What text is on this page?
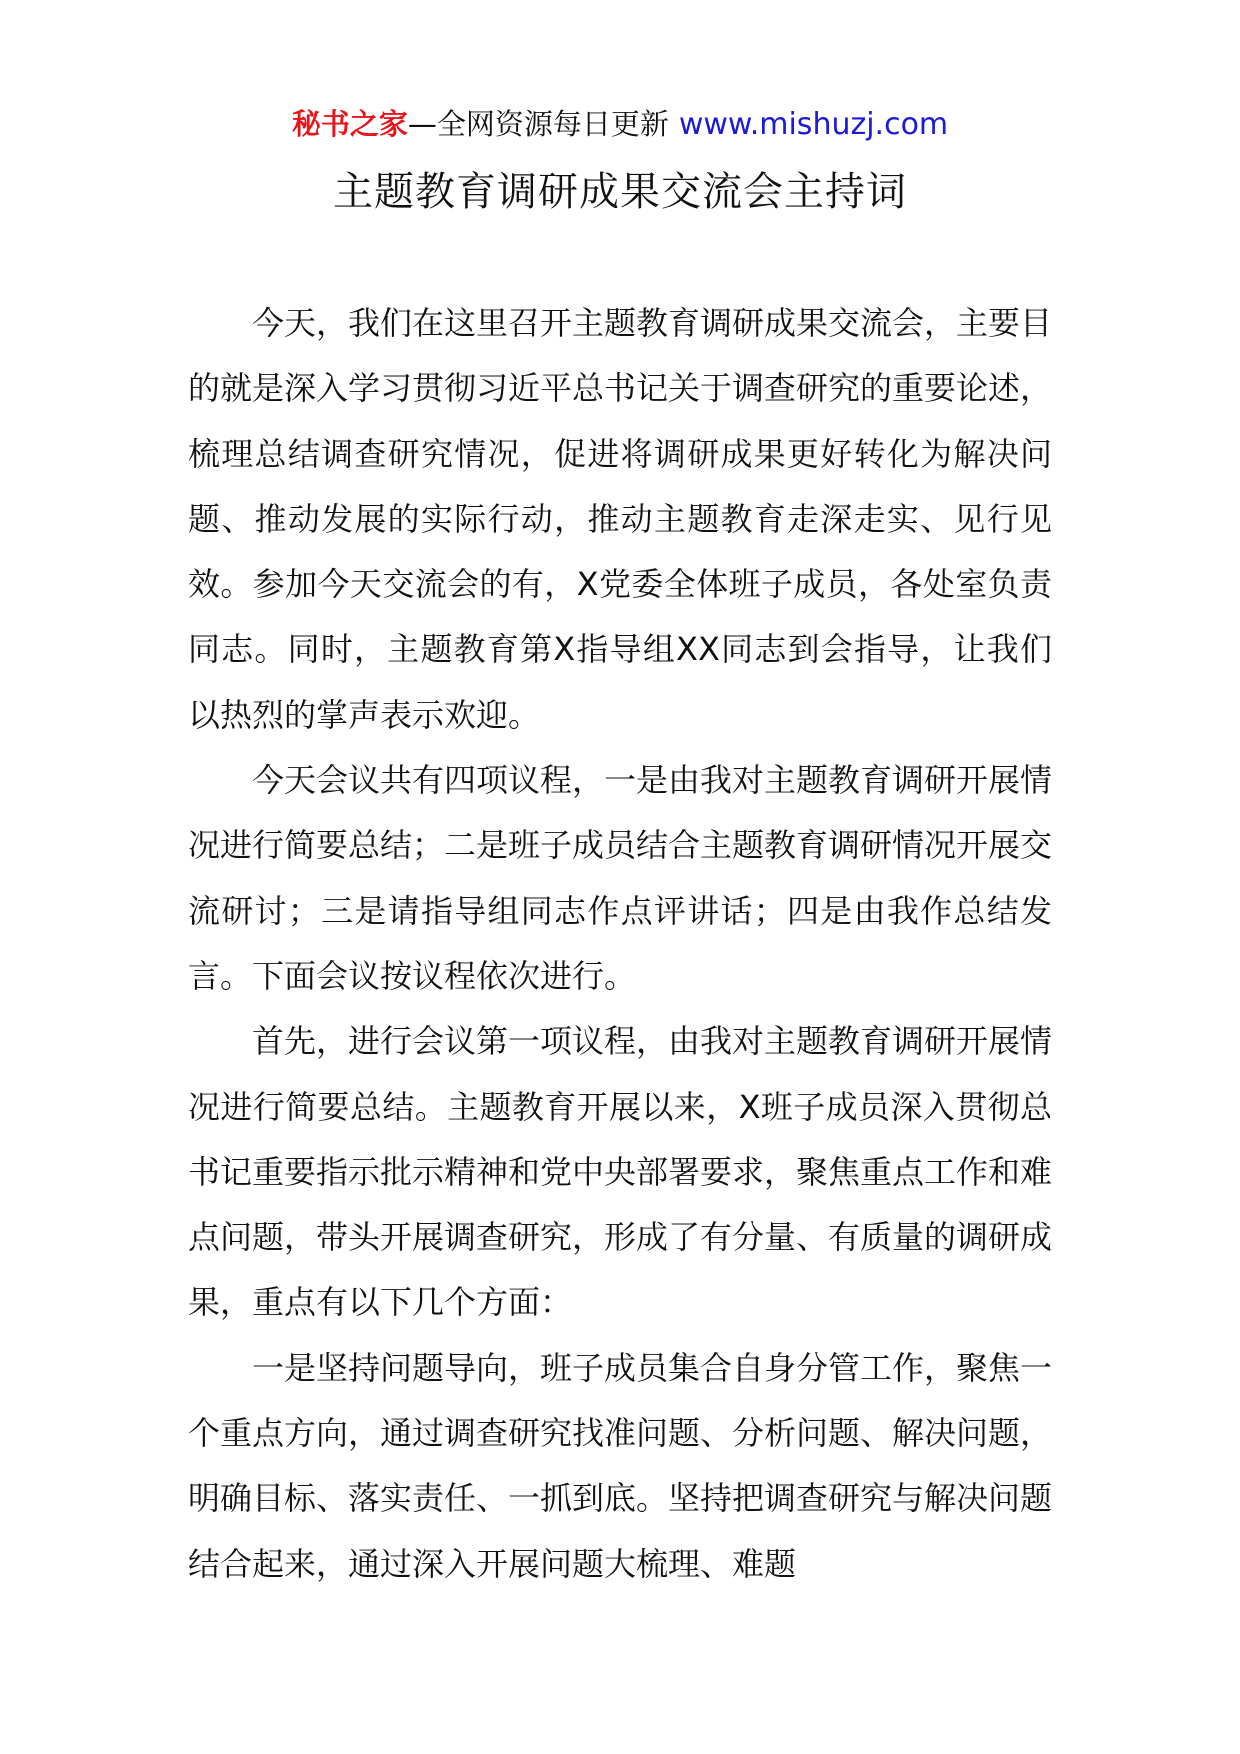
秘书之家—全网资源每日更新 www.mishuzj.com
主题教育调研成果交流会主持词

今天，我们在这里召开主题教育调研成果交流会，主要目的就是深入学习贯彻习近平总书记关于调查研究的重要论述，梳理总结调查研究情况，促进将调研成果更好转化为解决问题、推动发展的实际行动，推动主题教育走深走实、见行见效。参加今天交流会的有，X党委全体班子成员，各处室负责同志。同时，主题教育第X指导组XX同志到会指导，让我们以热烈的掌声表示欢迎。

今天会议共有四项议程，一是由我对主题教育调研开展情况进行简要总结；二是班子成员结合主题教育调研情况开展交流研讨；三是请指导组同志作点评讲话；四是由我作总结发言。下面会议按议程依次进行。

首先，进行会议第一项议程，由我对主题教育调研开展情况进行简要总结。主题教育开展以来，X班子成员深入贯彻总书记重要指示批示精神和党中央部署要求，聚焦重点工作和难点问题，带头开展调查研究，形成了有分量、有质量的调研成果，重点有以下几个方面：

一是坚持问题导向，班子成员集合自身分管工作，聚焦一个重点方向，通过调查研究找准问题、分析问题、解决问题，明确目标、落实责任、一抓到底。坚持把调查研究与解决问题结合起来，通过深入开展问题大梳理、难题
